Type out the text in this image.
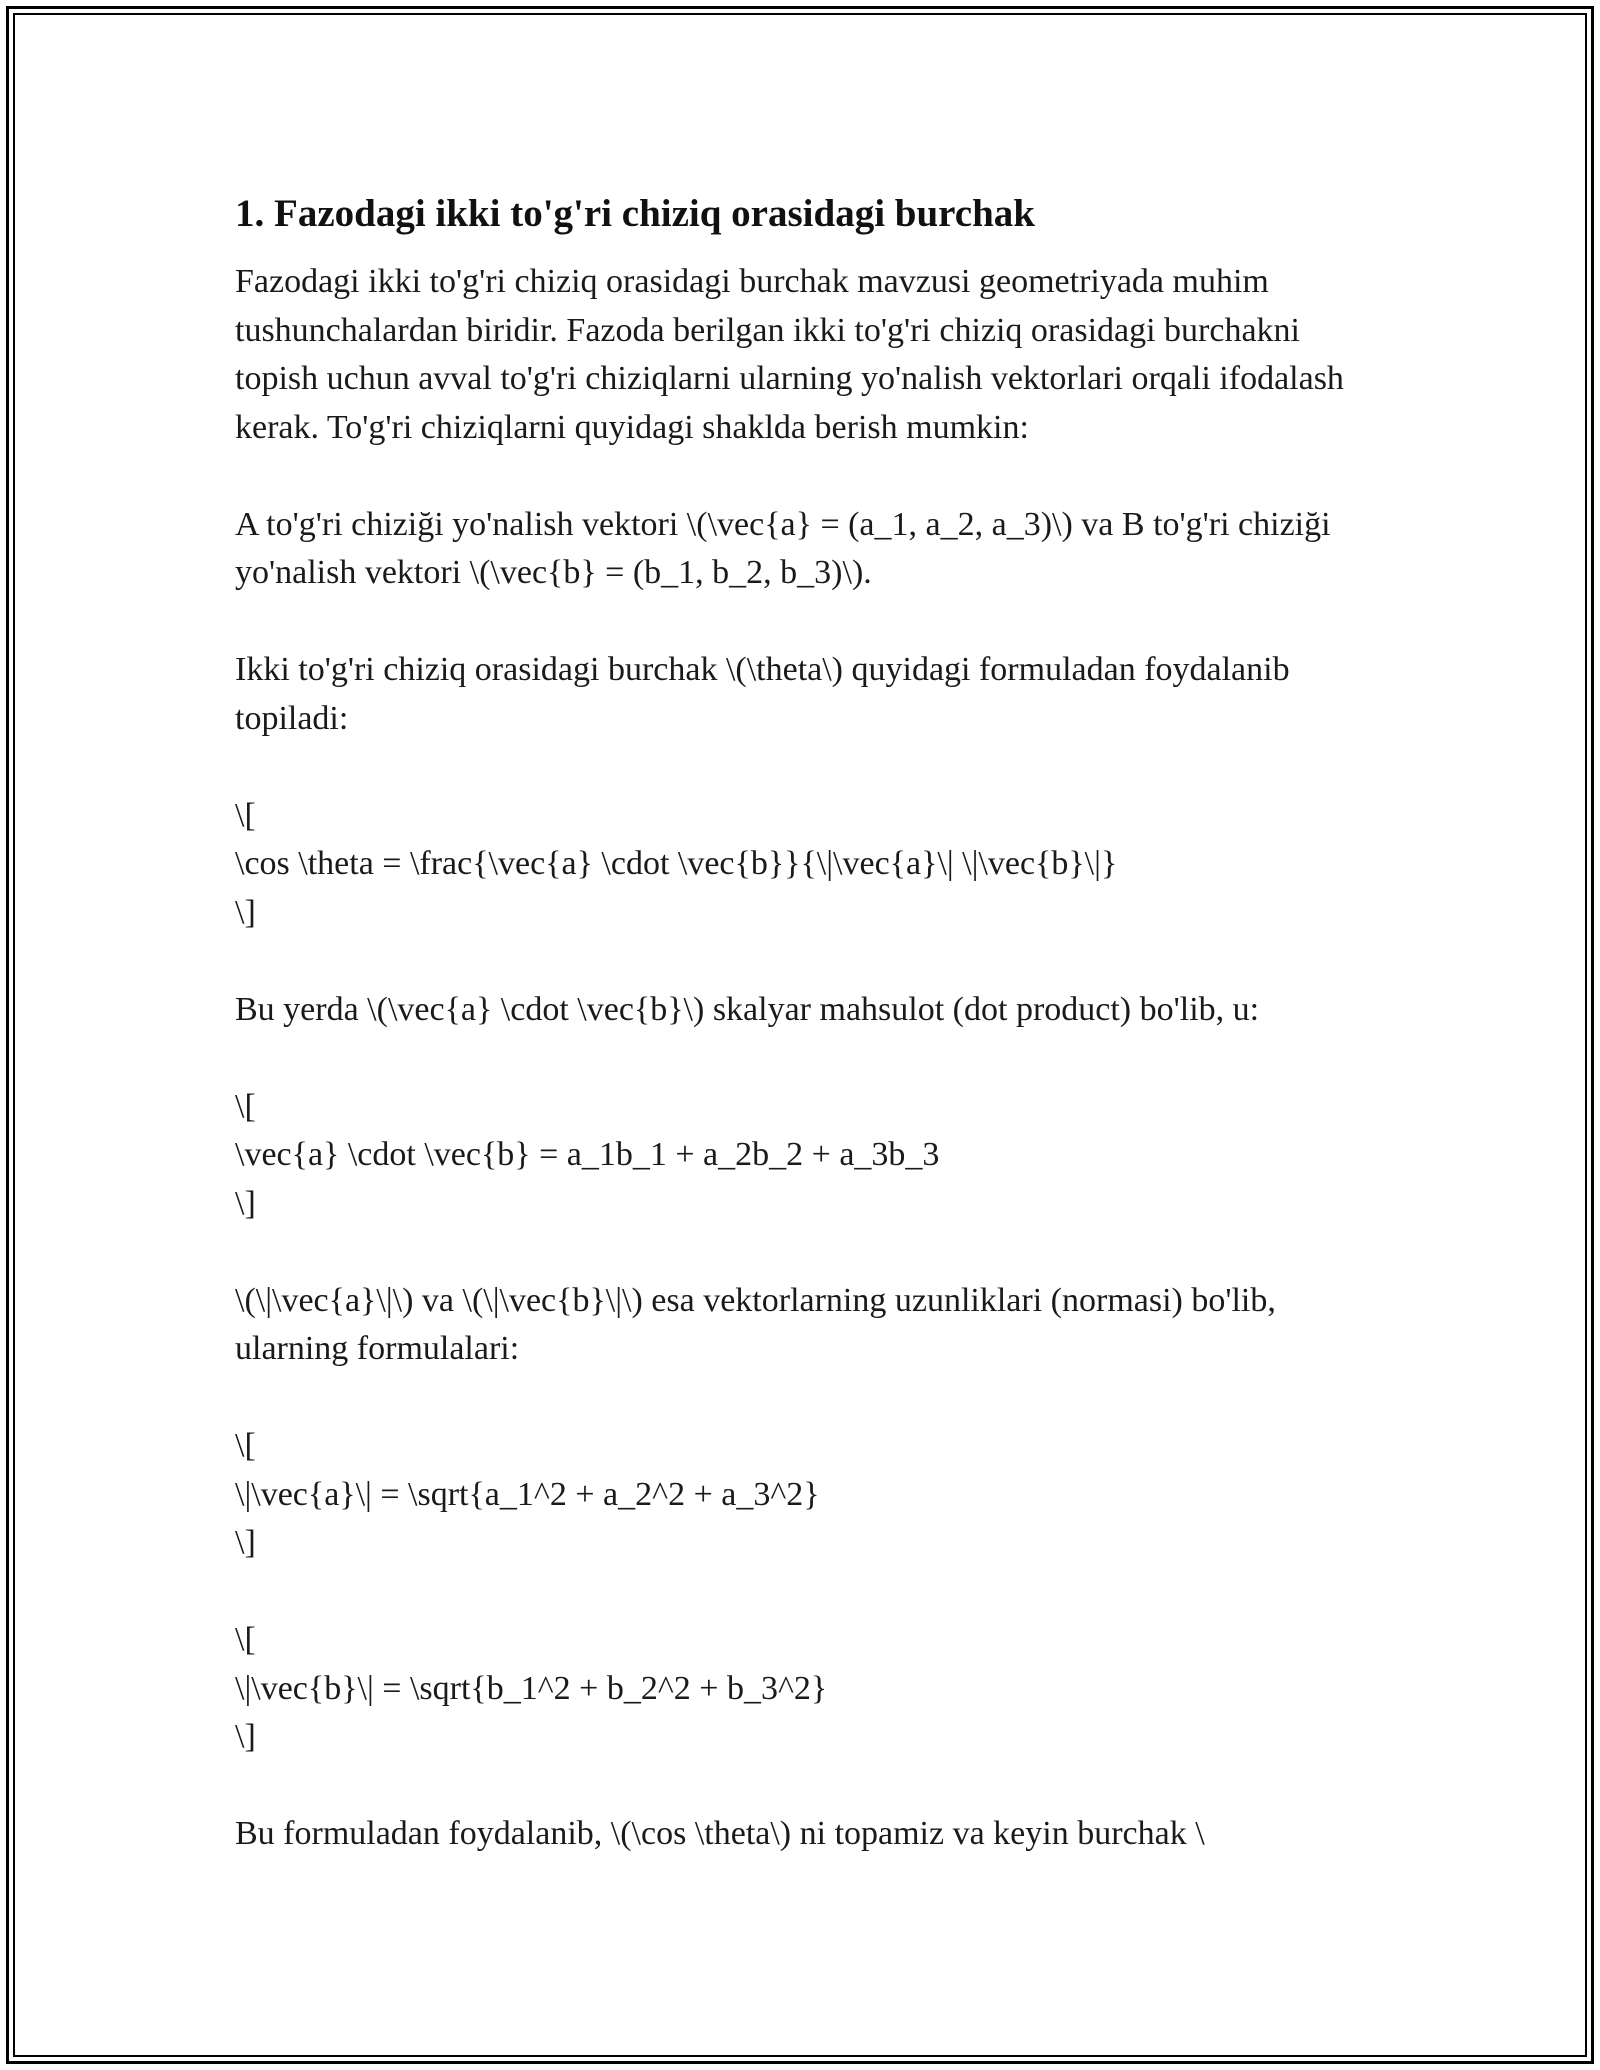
1. Fazodagi ikki to'g'ri chiziq orasidagi burchak

Fazodagi ikki to'g'ri chiziq orasidagi burchak mavzusi geometriyada muhim tushunchalardan biridir. Fazoda berilgan ikki to'g'ri chiziq orasidagi burchakni topish uchun avval to'g'ri chiziqlarni ularning yo'nalish vektorlari orqali ifodalash kerak. To'g'ri chiziqlarni quyidagi shaklda berish mumkin:

A to'g'ri chiziği yo'nalish vektori \(\vec{a} = (a_1, a_2, a_3)\) va B to'g'ri chiziği yo'nalish vektori \(\vec{b} = (b_1, b_2, b_3)\).

Ikki to'g'ri chiziq orasidagi burchak \(\theta\) quyidagi formuladan foydalanib topiladi:

\[
\cos \theta = \frac{\vec{a} \cdot \vec{b}}{\|\vec{a}\| \|\vec{b}\|}
\]

Bu yerda \(\vec{a} \cdot \vec{b}\) skalyar mahsulot (dot product) bo'lib, u:

\[
\vec{a} \cdot \vec{b} = a_1b_1 + a_2b_2 + a_3b_3
\]

\(\|\vec{a}\|\) va \(\|\vec{b}\|\) esa vektorlarning uzunliklari (normasi) bo'lib, ularning formulalari:

\[
\|\vec{a}\| = \sqrt{a_1^2 + a_2^2 + a_3^2}
\]
\[
\|\vec{b}\| = \sqrt{b_1^2 + b_2^2 + b_3^2}
\]

Bu formuladan foydalanib, \(\cos \theta\) ni topamiz va keyin burchak \
